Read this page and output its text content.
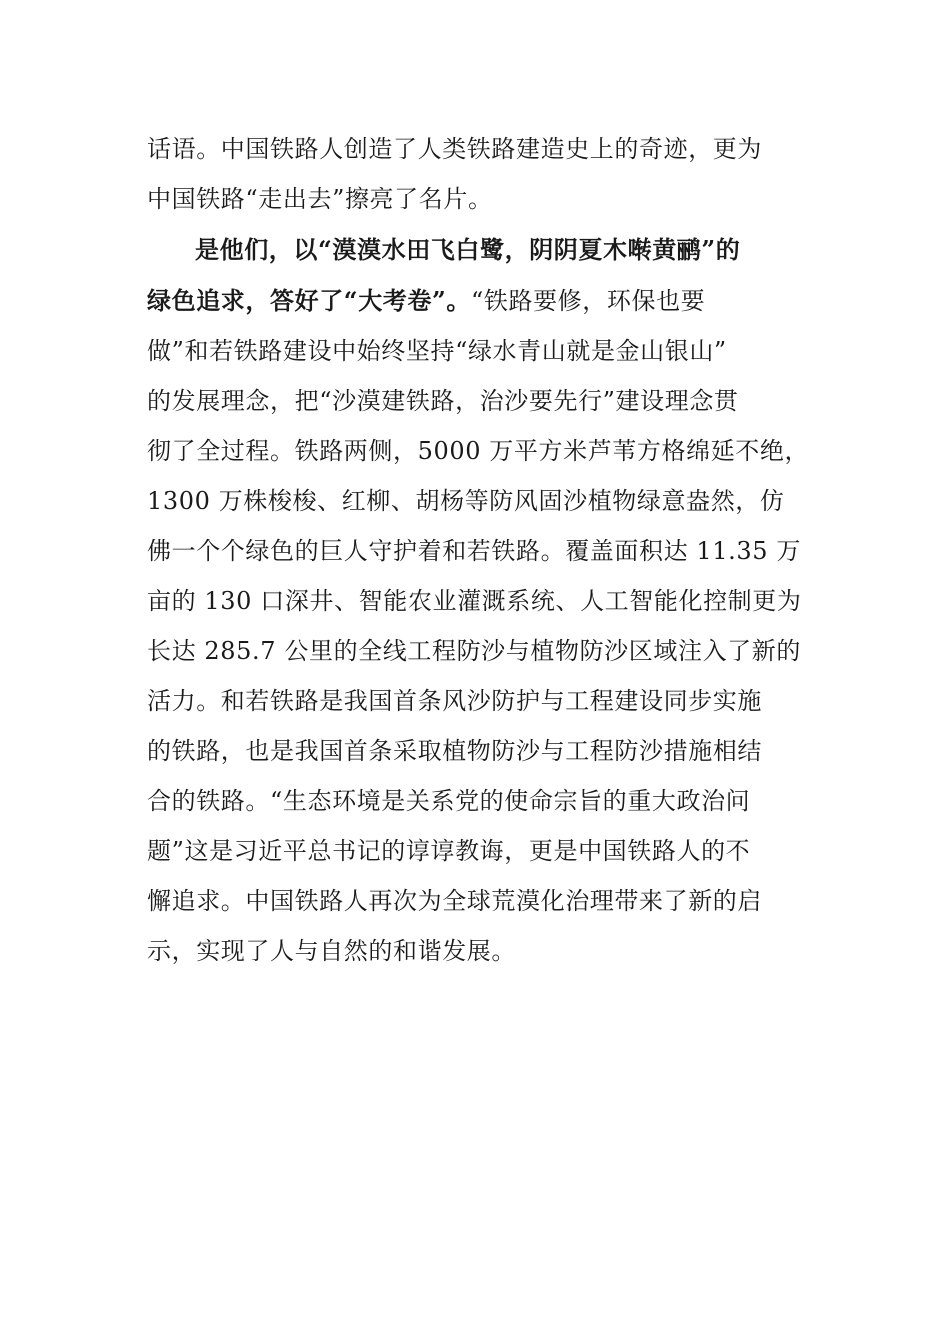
话语。中国铁路人创造了人类铁路建造史上的奇迹，更为
中国铁路“走出去”擦亮了名片。
是他们，以“漠漠水田飞白鹭，阴阴夏木啭黄鹂”的
绿色追求，答好了“大考卷”。“铁路要修，环保也要
做”和若铁路建设中始终坚持“绿水青山就是金山银山”
的发展理念，把“沙漠建铁路，治沙要先行”建设理念贯
彻了全过程。铁路两侧，5000 万平方米芦苇方格绵延不绝，
1300 万株梭梭、红柳、胡杨等防风固沙植物绿意盎然，仿
佛一个个绿色的巨人守护着和若铁路。覆盖面积达 11.35 万
亩的 130 口深井、智能农业灌溉系统、人工智能化控制更为
长达 285.7 公里的全线工程防沙与植物防沙区域注入了新的
活力。和若铁路是我国首条风沙防护与工程建设同步实施
的铁路，也是我国首条采取植物防沙与工程防沙措施相结
合的铁路。“生态环境是关系党的使命宗旨的重大政治问
题”这是习近平总书记的谆谆教诲，更是中国铁路人的不
懈追求。中国铁路人再次为全球荒漠化治理带来了新的启
示，实现了人与自然的和谐发展。
